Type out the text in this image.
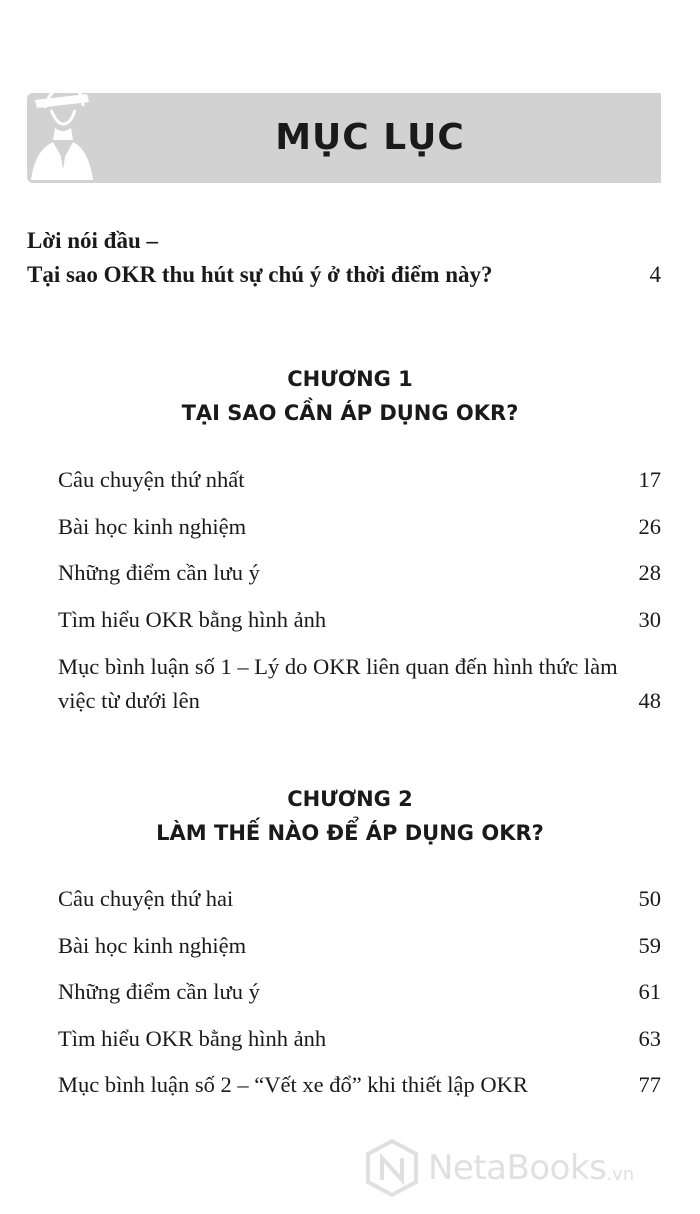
MỤC LỤC
Lời nói đầu –
Tại sao OKR thu hút sự chú ý ở thời điểm này?	4
CHƯƠNG 1
TẠI SAO CẦN ÁP DỤNG OKR?
Câu chuyện thứ nhất	17
Bài học kinh nghiệm	26
Những điểm cần lưu ý	28
Tìm hiểu OKR bằng hình ảnh	30
Mục bình luận số 1 – Lý do OKR liên quan đến hình thức làm việc từ dưới lên	48
CHƯƠNG 2
LÀM THẾ NÀO ĐỂ ÁP DỤNG OKR?
Câu chuyện thứ hai	50
Bài học kinh nghiệm	59
Những điểm cần lưu ý	61
Tìm hiểu OKR bằng hình ảnh	63
Mục bình luận số 2 – “Vết xe đổ” khi thiết lập OKR	77
NetaBooks .vn
